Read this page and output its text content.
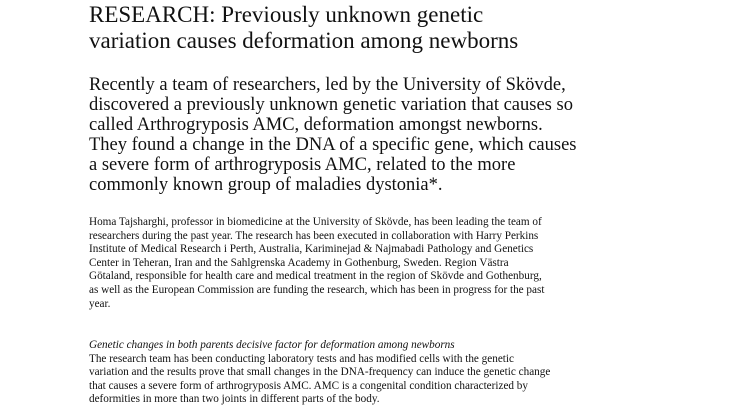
RESEARCH: Previously unknown genetic
variation causes deformation among newborns

Recently a team of researchers, led by the University of Skövde,
discovered a previously unknown genetic variation that causes so
called Arthrogryposis AMC, deformation amongst newborns.
They found a change in the DNA of a specific gene, which causes
a severe form of arthrogryposis AMC, related to the more
commonly known group of maladies dystonia*.

Homa Tajsharghi, professor in biomedicine at the University of Skövde, has been leading the team of
researchers during the past year. The research has been executed in collaboration with Harry Perkins
Institute of Medical Research i Perth, Australia, Kariminejad & Najmabadi Pathology and Genetics
Center in Teheran, Iran and the Sahlgrenska Academy in Gothenburg, Sweden. Region Västra
Götaland, responsible for health care and medical treatment in the region of Skövde and Gothenburg,
as well as the European Commission are funding the research, which has been in progress for the past
year.

Genetic changes in both parents decisive factor for deformation among newborns
The research team has been conducting laboratory tests and has modified cells with the genetic
variation and the results prove that small changes in the DNA-frequency can induce the genetic change
that causes a severe form of arthrogryposis AMC. AMC is a congenital condition characterized by
deformities in more than two joints in different parts of the body.
